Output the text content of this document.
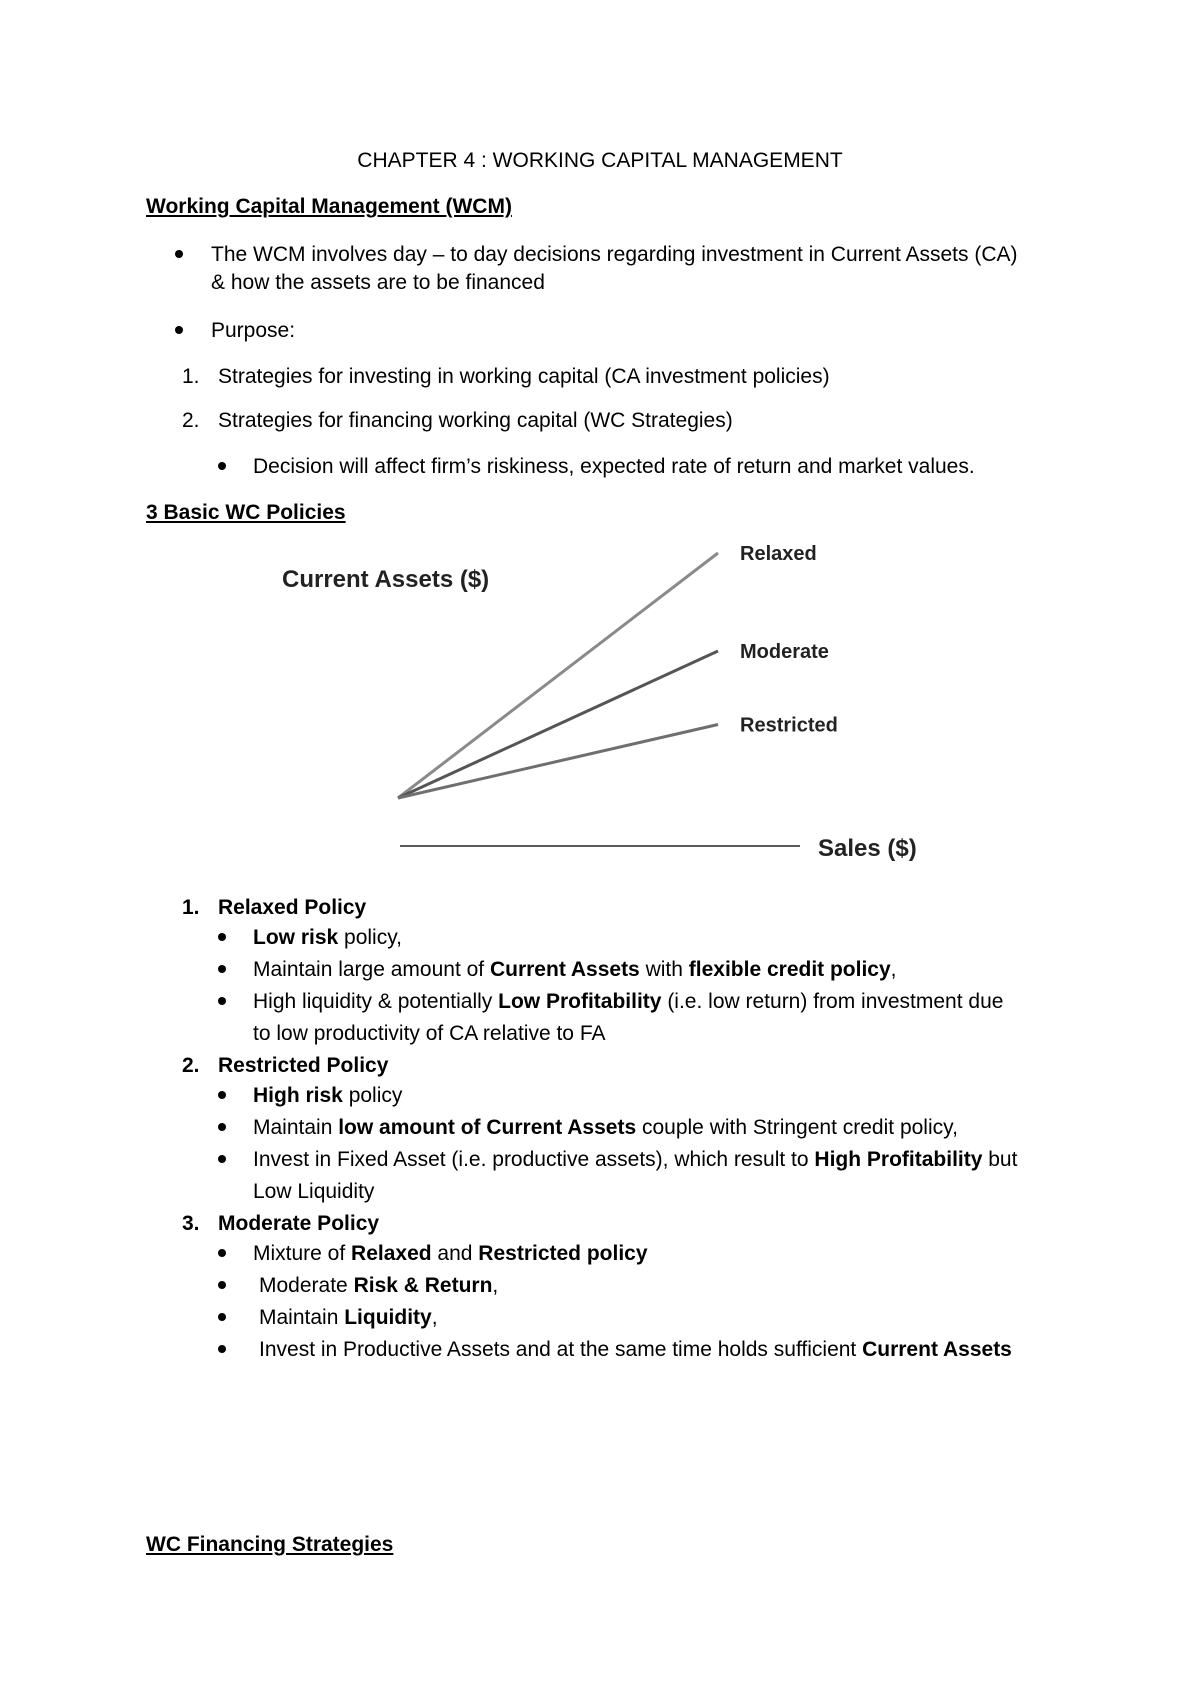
CHAPTER 4 : WORKING CAPITAL MANAGEMENT
Working Capital Management (WCM)
The WCM involves day – to day decisions regarding investment in Current Assets (CA)
& how the assets are to be financed
Purpose:
1. Strategies for investing in working capital (CA investment policies)
2. Strategies for financing working capital (WC Strategies)
Decision will affect firm’s riskiness, expected rate of return and market values.
3 Basic WC Policies
Current Assets ($)
Sales ($)
Relaxed
Moderate
Restricted
1. Relaxed Policy
Low risk policy,
Maintain large amount of Current Assets with flexible credit policy,
High liquidity & potentially Low Profitability (i.e. low return) from investment due
to low productivity of CA relative to FA
2. Restricted Policy
High risk policy
Maintain low amount of Current Assets couple with Stringent credit policy,
Invest in Fixed Asset (i.e. productive assets), which result to High Profitability but
Low Liquidity
3. Moderate Policy
Mixture of Relaxed and Restricted policy
Moderate Risk & Return,
Maintain Liquidity,
Invest in Productive Assets and at the same time holds sufficient Current Assets
WC Financing Strategies
